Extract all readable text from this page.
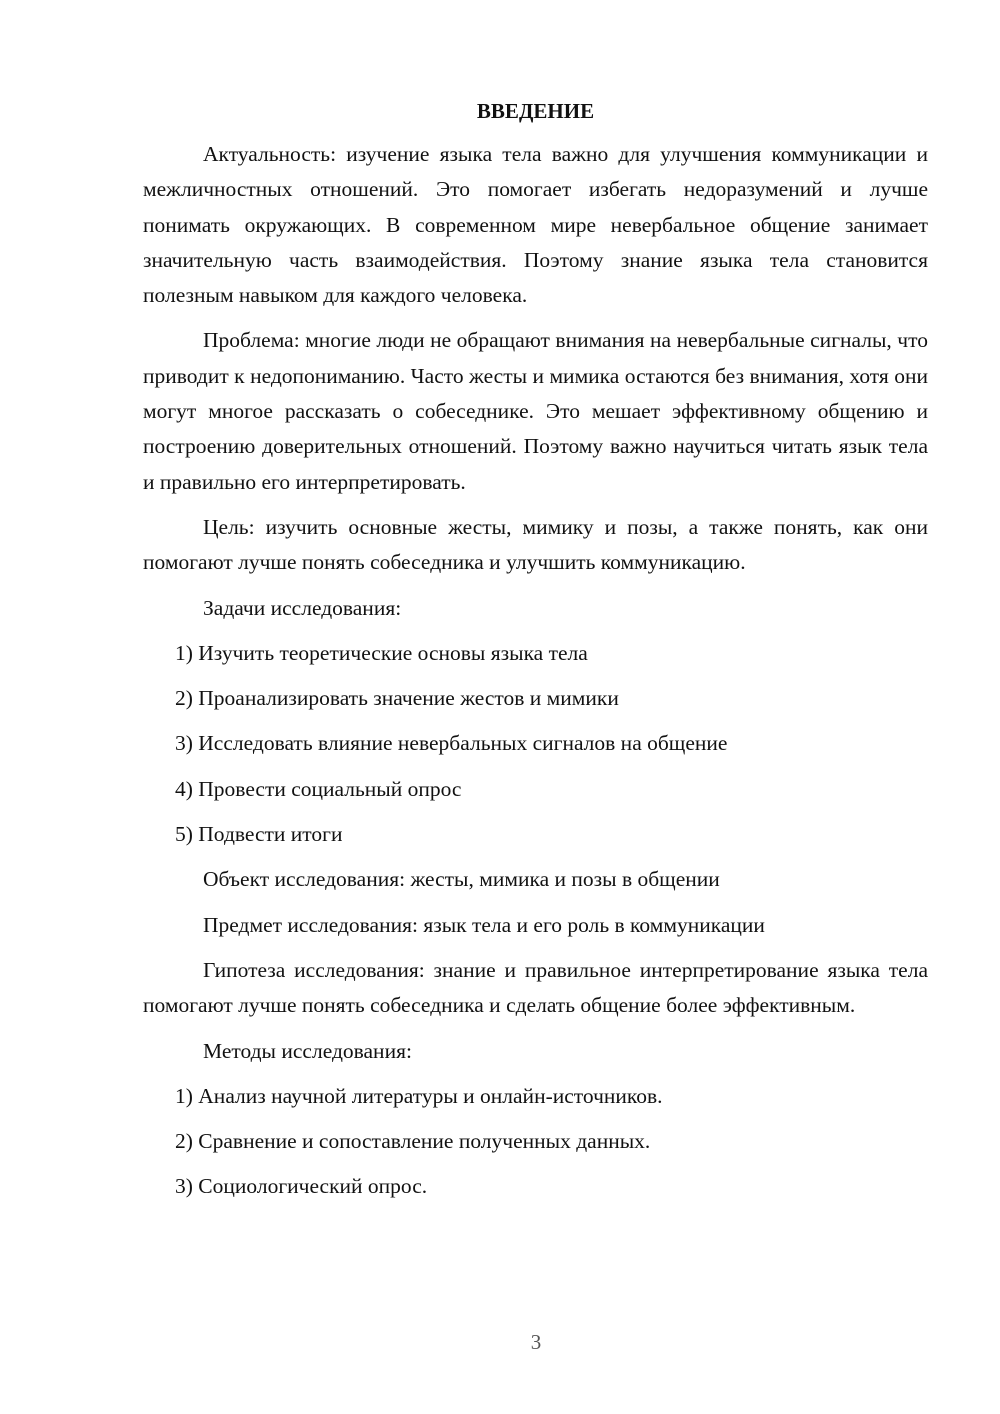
ВВЕДЕНИЕ

Актуальность: изучение языка тела важно для улучшения коммуникации и межличностных отношений. Это помогает избегать недоразумений и лучше понимать окружающих. В современном мире невербальное общение занимает значительную часть взаимодействия. Поэтому знание языка тела становится полезным навыком для каждого человека.

Проблема: многие люди не обращают внимания на невербальные сигналы, что приводит к недопониманию. Часто жесты и мимика остаются без внимания, хотя они могут многое рассказать о собеседнике. Это мешает эффективному общению и построению доверительных отношений. Поэтому важно научиться читать язык тела и правильно его интерпретировать.

Цель: изучить основные жесты, мимику и позы, а также понять, как они помогают лучше понять собеседника и улучшить коммуникацию.

Задачи исследования:

1) Изучить теоретические основы языка тела

2) Проанализировать значение жестов и мимики

3) Исследовать влияние невербальных сигналов на общение

4) Провести социальный опрос

5) Подвести итоги

Объект исследования: жесты, мимика и позы в общении

Предмет исследования: язык тела и его роль в коммуникации

Гипотеза исследования: знание и правильное интерпретирование языка тела помогают лучше понять собеседника и сделать общение более эффективным.

Методы исследования:

1) Анализ научной литературы и онлайн-источников.

2) Сравнение и сопоставление полученных данных.

3) Социологический опрос.

3
